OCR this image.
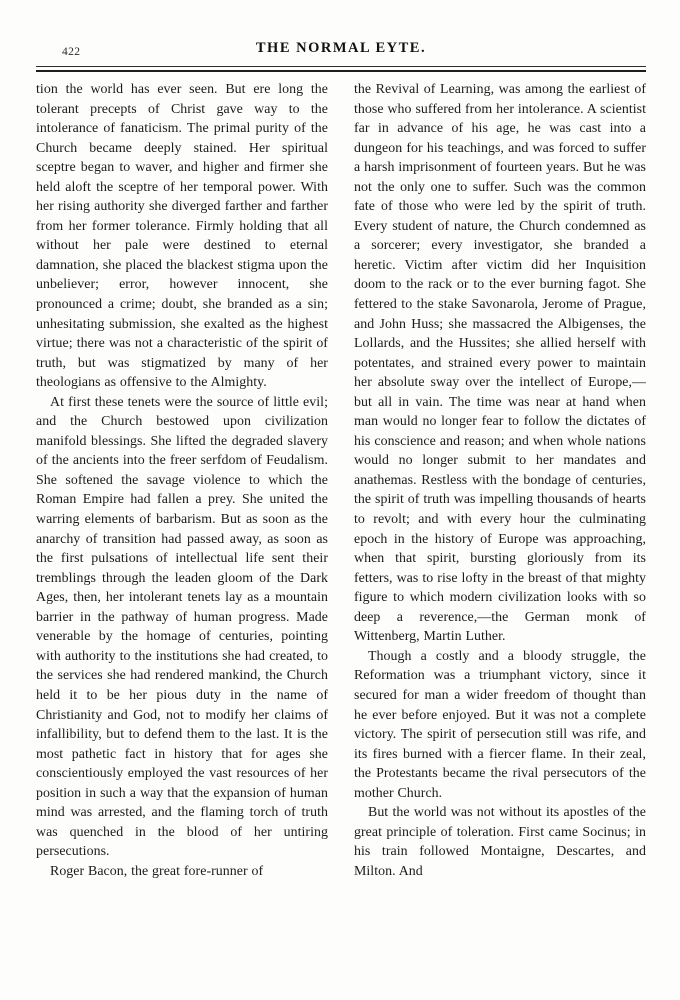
422	THE NORMAL EYTE.

tion the world has ever seen. But ere long the tolerant precepts of Christ gave way to the intolerance of fanaticism. The primal purity of the Church became deeply stained. Her spiritual sceptre began to waver, and higher and firmer she held aloft the sceptre of her temporal power. With her rising authority she diverged farther and farther from her former tolerance. Firmly holding that all without her pale were destined to eternal damnation, she placed the blackest stigma upon the unbeliever; error, however innocent, she pronounced a crime; doubt, she branded as a sin; unhesitating submission, she exalted as the highest virtue; there was not a characteristic of the spirit of truth, but was stigmatized by many of her theologians as offensive to the Almighty.

At first these tenets were the source of little evil; and the Church bestowed upon civilization manifold blessings. She lifted the degraded slavery of the ancients into the freer serfdom of Feudalism. She softened the savage violence to which the Roman Empire had fallen a prey. She united the warring elements of barbarism. But as soon as the anarchy of transition had passed away, as soon as the first pulsations of intellectual life sent their tremblings through the leaden gloom of the Dark Ages, then, her intolerant tenets lay as a mountain barrier in the pathway of human progress. Made venerable by the homage of centuries, pointing with authority to the institutions she had created, to the services she had rendered mankind, the Church held it to be her pious duty in the name of Christianity and God, not to modify her claims of infallibility, but to defend them to the last. It is the most pathetic fact in history that for ages she conscientiously employed the vast resources of her position in such a way that the expansion of human mind was arrested, and the flaming torch of truth was quenched in the blood of her untiring persecutions.

Roger Bacon, the great fore-runner of

the Revival of Learning, was among the earliest of those who suffered from her intolerance. A scientist far in advance of his age, he was cast into a dungeon for his teachings, and was forced to suffer a harsh imprisonment of fourteen years. But he was not the only one to suffer. Such was the common fate of those who were led by the spirit of truth. Every student of nature, the Church condemned as a sorcerer; every investigator, she branded a heretic. Victim after victim did her Inquisition doom to the rack or to the ever burning fagot. She fettered to the stake Savonarola, Jerome of Prague, and John Huss; she massacred the Albigenses, the Lollards, and the Hussites; she allied herself with potentates, and strained every power to maintain her absolute sway over the intellect of Europe,—but all in vain. The time was near at hand when man would no longer fear to follow the dictates of his conscience and reason; and when whole nations would no longer submit to her mandates and anathemas. Restless with the bondage of centuries, the spirit of truth was impelling thousands of hearts to revolt; and with every hour the culminating epoch in the history of Europe was approaching, when that spirit, bursting gloriously from its fetters, was to rise lofty in the breast of that mighty figure to which modern civilization looks with so deep a reverence,—the German monk of Wittenberg, Martin Luther.

Though a costly and a bloody struggle, the Reformation was a triumphant victory, since it secured for man a wider freedom of thought than he ever before enjoyed. But it was not a complete victory. The spirit of persecution still was rife, and its fires burned with a fiercer flame. In their zeal, the Protestants became the rival persecutors of the mother Church.

But the world was not without its apostles of the great principle of toleration. First came Socinus; in his train followed Montaigne, Descartes, and Milton. And
